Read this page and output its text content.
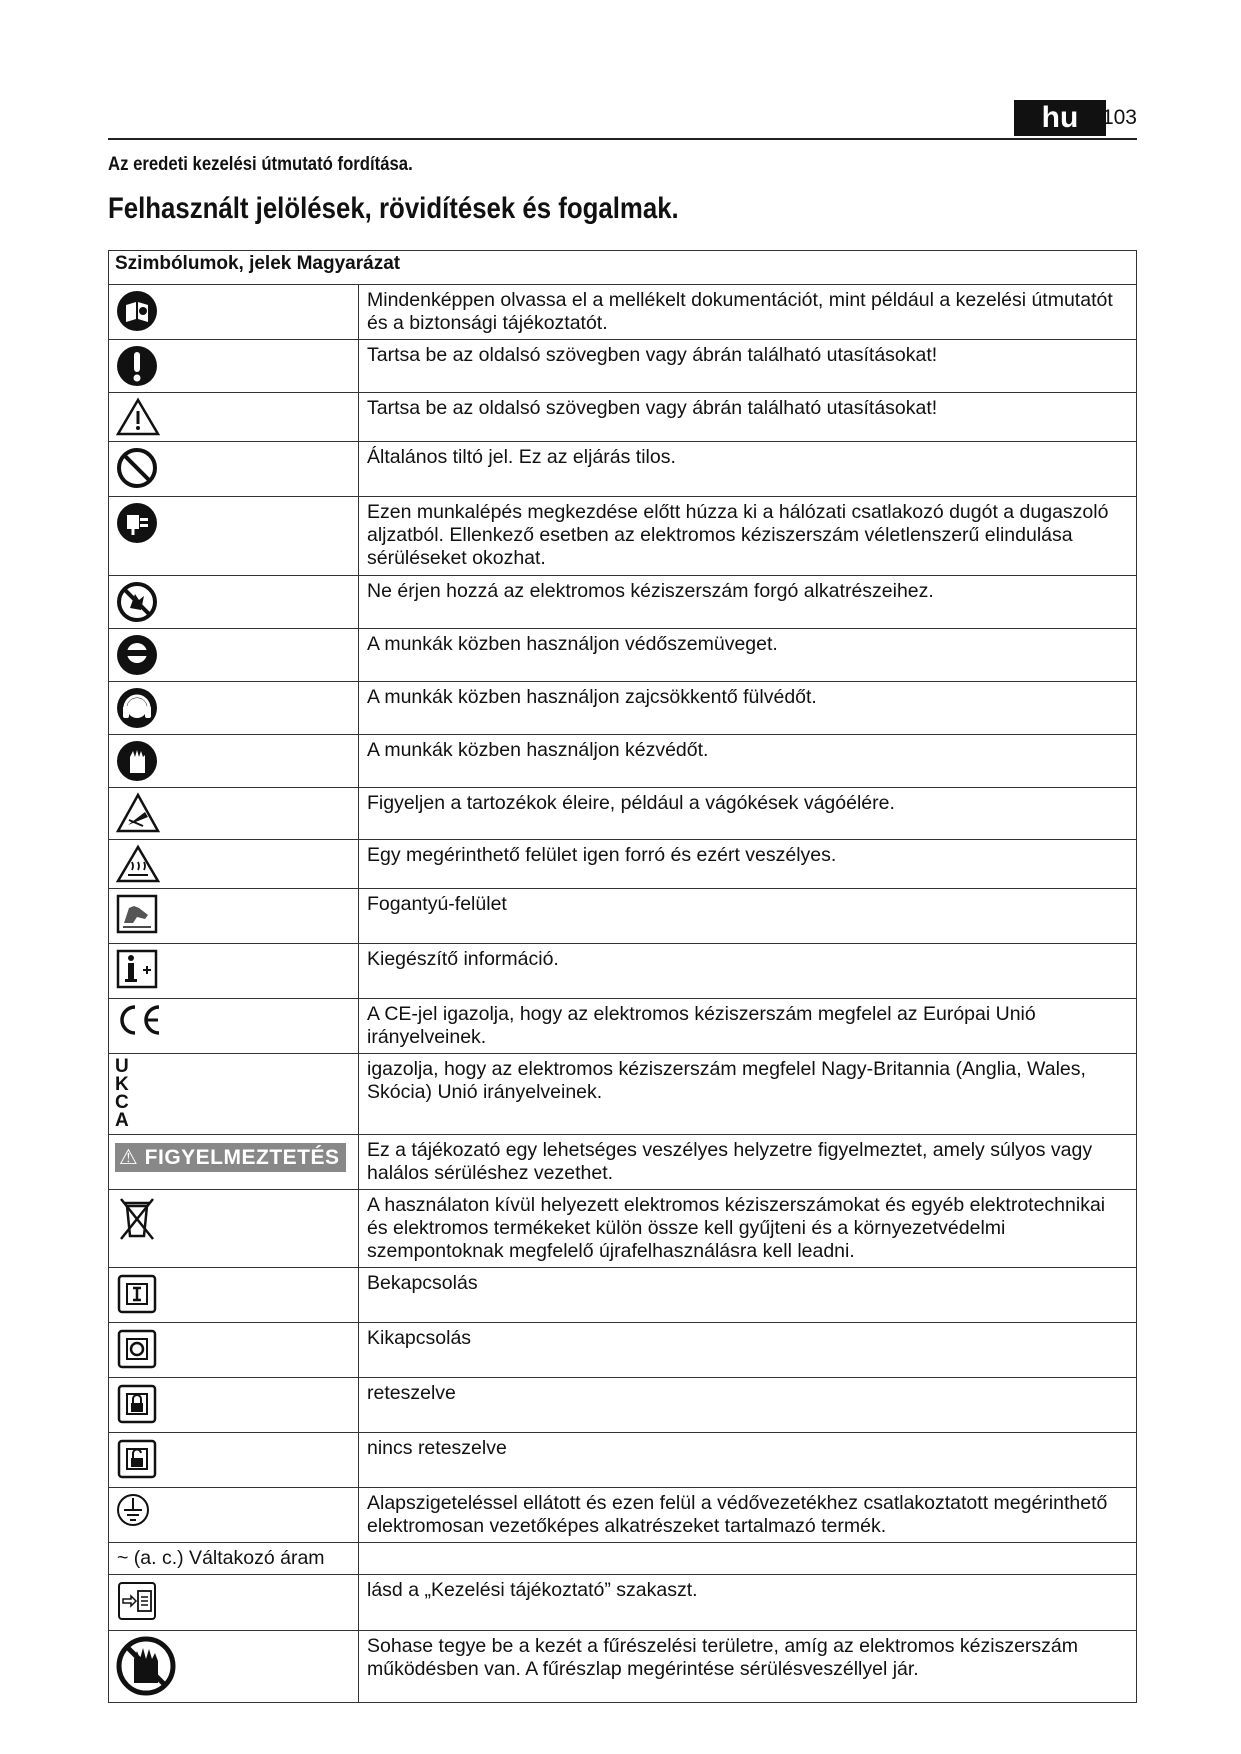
hu	103
Az eredeti kezelési útmutató fordítása.
Felhasznált jelölések, rövidítések és fogalmak.
Szimbólumok, jelek Magyarázat	

	Mindenképpen olvassa el a mellékelt dokumentációt, mint például a kezelési útmutatót és a biztonsági tájékoztatót.

	Tartsa be az oldalsó szövegben vagy ábrán található utasításokat!

	Tartsa be az oldalsó szövegben vagy ábrán található utasításokat!

	Általános tiltó jel. Ez az eljárás tilos.

	Ezen munkalépés megkezdése előtt húzza ki a hálózati csatlakozó dugót a dugaszoló aljzatból. Ellenkező esetben az elektromos kéziszerszám véletlenszerű elindulása sérüléseket okozhat.

	Ne érjen hozzá az elektromos kéziszerszám forgó alkatrészeihez.

	A munkák közben használjon védőszemüveget.

	A munkák közben használjon zajcsökkentő fülvédőt.

	A munkák közben használjon kézvédőt.

	Figyeljen a tartozékok éleire, például a vágókések vágóélére.

	Egy megérinthető felület igen forró és ezért veszélyes.

	Fogantyú-felület

	Kiegészítő információ.

	A CE-jel igazolja, hogy az elektromos kéziszerszám megfelel az Európai Unió irányelveinek.

UK CA	igazolja, hogy az elektromos kéziszerszám megfelel Nagy-Britannia (Anglia, Wales, Skócia) Unió irányelveinek.
⚠ FIGYELMEZTETÉS	Ez a tájékozató egy lehetséges veszélyes helyzetre figyelmeztet, amely súlyos vagy halálos sérüléshez vezethet.

	A használaton kívül helyezett elektromos kéziszerszámokat és egyéb elektrotechnikai és elektromos termékeket külön össze kell gyűjteni és a környezetvédelmi szempontoknak megfelelő újrafelhasználásra kell leadni.

	Bekapcsolás

	Kikapcsolás

	reteszelve

	nincs reteszelve

	Alapszigeteléssel ellátott és ezen felül a védővezetékhez csatlakoztatott megérinthető elektromosan vezetőképes alkatrészeket tartalmazó termék.
~ (a. c.) Váltakozó áram	

	lásd a „Kezelési tájékoztató” szakaszt.

	Sohase tegye be a kezét a fűrészelési területre, amíg az elektromos kéziszerszám működésben van. A fűrészlap megérintése sérülésveszéllyel jár.
